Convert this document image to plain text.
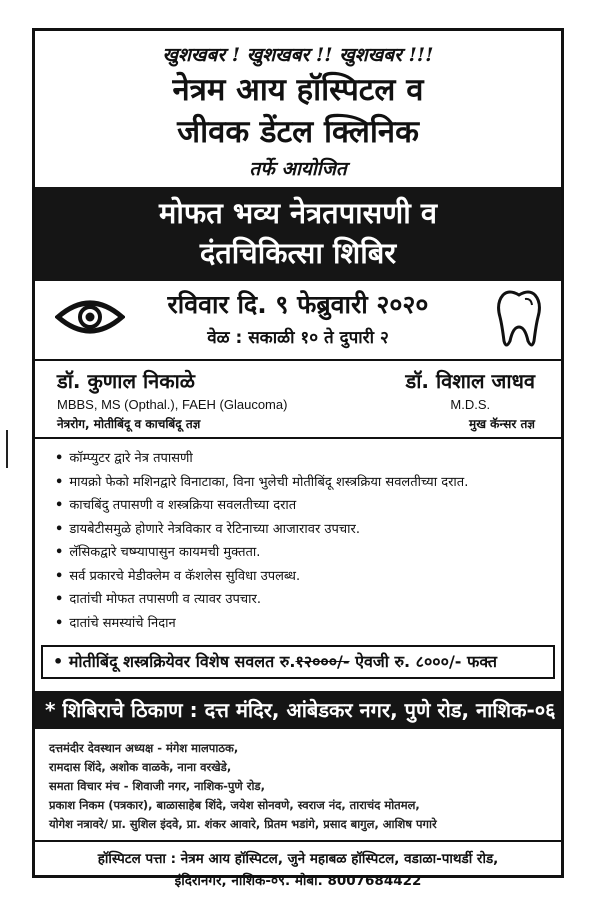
खुशखबर ! खुशखबर !! खुशखबर !!!
नेत्रम आय हॉस्पिटल व
जीवक डेंटल क्लिनिक
तर्फे आयोजित
मोफत भव्य नेत्रतपासणी व
दंतचिकित्सा शिबिर
रविवार दि. ९ फेब्रुवारी २०२०
वेळ : सकाळी १० ते दुपारी २
डॉ. कुणाल निकाळे
MBBS, MS (Opthal.), FAEH (Glaucoma)
नेत्ररोग, मोतीबिंदू व काचबिंदू तज्ञ
डॉ. विशाल जाधव
M.D.S.
मुख कॅन्सर तज्ञ
• कॉम्प्युटर द्वारे नेत्र तपासणी
• मायक्रो फेको मशिनद्वारे विनाटाका, विना भुलेची मोतीबिंदू शस्त्रक्रिया सवलतीच्या दरात.
• काचबिंदु तपासणी व शस्त्रक्रिया सवलतीच्या दरात
• डायबेटीसमुळे होणारे नेत्रविकार व रेटिनाच्या आजारावर उपचार.
• लॅसिकद्वारे चष्म्यापासुन कायमची मुक्तता.
• सर्व प्रकारचे मेडीक्लेम व कॅशलेस सुविधा उपलब्ध.
• दातांची मोफत तपासणी व त्यावर उपचार.
• दातांचे समस्यांचे निदान
• मोतीबिंदू शस्त्रक्रियेवर विशेष सवलत रु.१२०००/- ऐवजी रु. ८०००/- फक्त
* शिबिराचे ठिकाण : दत्त मंदिर, आंबेडकर नगर, पुणे रोड, नाशिक-०६
दत्तमंदीर देवस्थान अध्यक्ष - मंगेश मालपाठक,
रामदास शिंदे, अशोक वाळके, नाना वरखेडे,
समता विचार मंच - शिवाजी नगर, नाशिक-पुणे रोड,
प्रकाश निकम (पत्रकार), बाळासाहेब शिंदे, जयेश सोनवणे, स्वराज नंद, ताराचंद मोतमल,
योगेश नत्रावरे/ प्रा. सुशिल इंदवे, प्रा. शंकर आवारे, प्रितम भडांगे, प्रसाद बागुल, आशिष पगारे
हॉस्पिटल पत्ता : नेत्रम आय हॉस्पिटल, जुने महाबळ हॉस्पिटल, वडाळा-पाथर्डी रोड,
इंदिरानगर, नाशिक-०९. मोबा. 8007684422
